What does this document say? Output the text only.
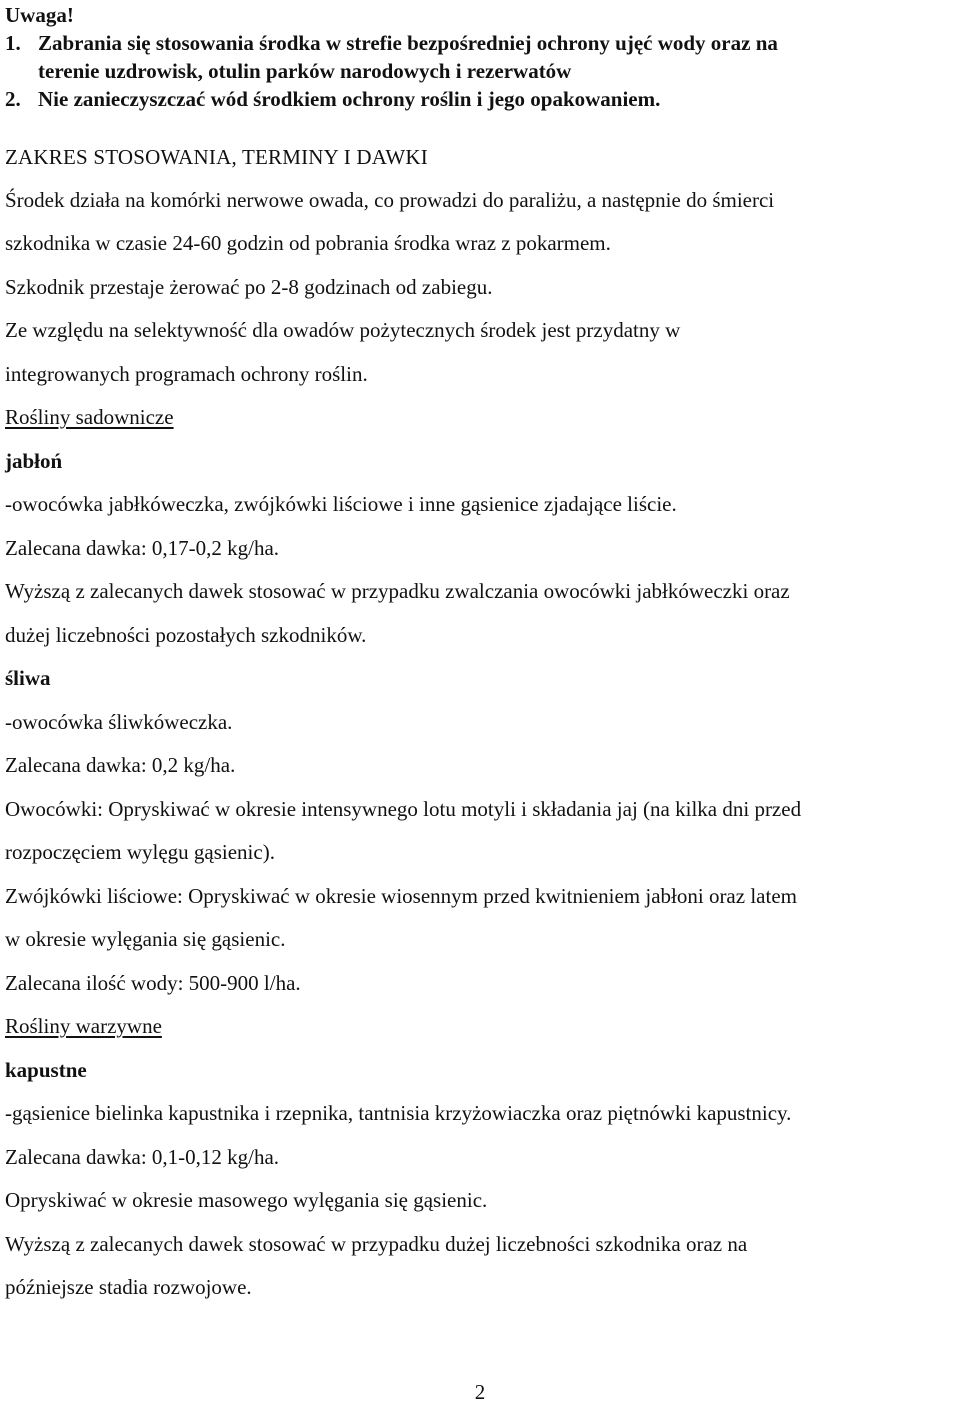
Uwaga!
1. Zabrania się stosowania środka w strefie bezpośredniej ochrony ujęć wody oraz na
terenie uzdrowisk, otulin parków narodowych i rezerwatów
2. Nie zanieczyszczać wód środkiem ochrony roślin i jego opakowaniem.
ZAKRES STOSOWANIA, TERMINY I DAWKI
Środek działa na komórki nerwowe owada, co prowadzi do paraliżu, a następnie do śmierci
szkodnika w czasie 24-60 godzin od pobrania środka wraz z pokarmem.
Szkodnik przestaje żerować po 2-8 godzinach od zabiegu.
Ze względu na selektywność dla owadów pożytecznych środek jest przydatny w
integrowanych programach ochrony roślin.
Rośliny sadownicze
jabłoń
-owocówka jabłkóweczka, zwójkówki liściowe i inne gąsienice zjadające liście.
Zalecana dawka: 0,17-0,2 kg/ha.
Wyższą z zalecanych dawek stosować w przypadku zwalczania owocówki jabłkóweczki oraz
dużej liczebności pozostałych szkodników.
śliwa
-owocówka śliwkóweczka.
Zalecana dawka: 0,2 kg/ha.
Owocówki: Opryskiwać w okresie intensywnego lotu motyli i składania jaj (na kilka dni przed
rozpoczęciem wylęgu gąsienic).
Zwójkówki liściowe: Opryskiwać w okresie wiosennym przed kwitnieniem jabłoni oraz latem
w okresie wylęgania się gąsienic.
Zalecana ilość wody: 500-900 l/ha.
Rośliny warzywne
kapustne
-gąsienice bielinka kapustnika i rzepnika, tantnisia krzyżowiaczka oraz piętnówki kapustnicy.
Zalecana dawka: 0,1-0,12 kg/ha.
Opryskiwać w okresie masowego wylęgania się gąsienic.
Wyższą z zalecanych dawek stosować w przypadku dużej liczebności szkodnika oraz na
późniejsze stadia rozwojowe.
2
